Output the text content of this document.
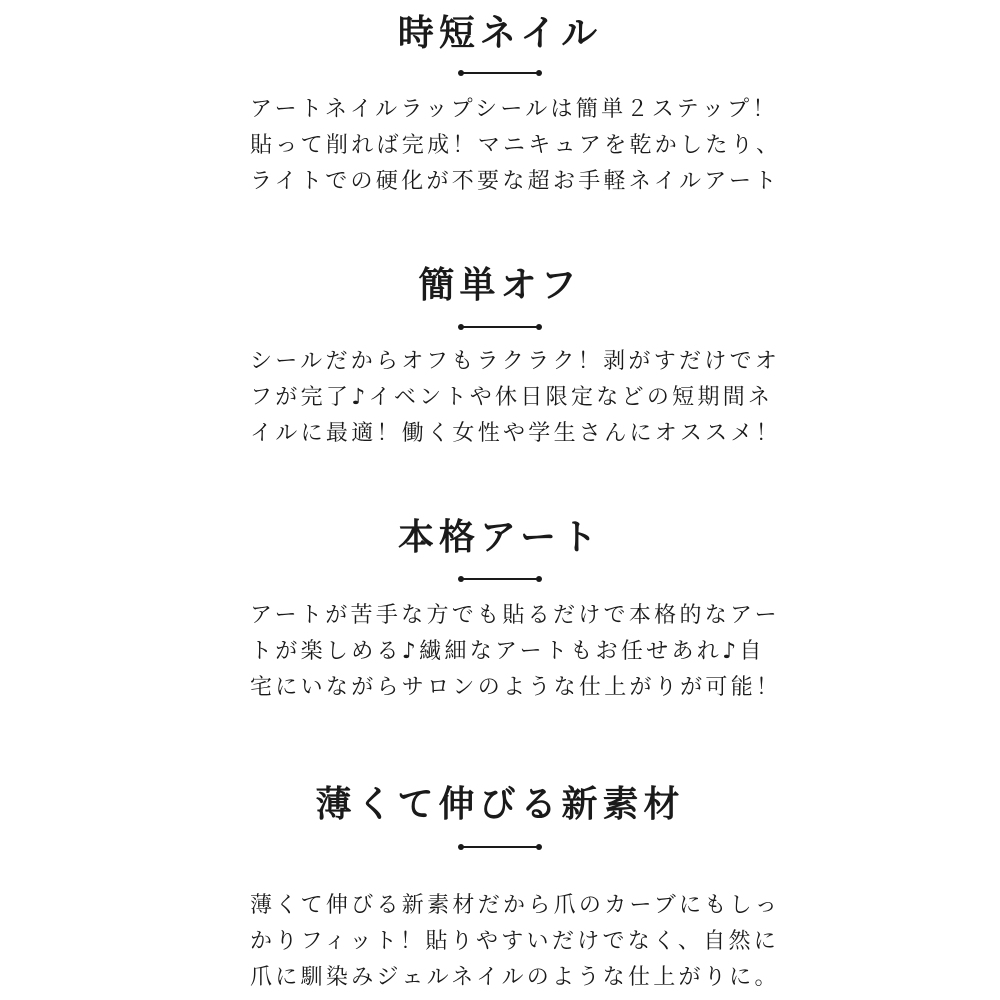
時短ネイル
アートネイルラップシールは簡単２ステップ！
貼って削れば完成！マニキュアを乾かしたり、
ライトでの硬化が不要な超お手軽ネイルアート
簡単オフ
シールだからオフもラクラク！剥がすだけでオ
フが完了♪イベントや休日限定などの短期間ネ
イルに最適！働く女性や学生さんにオススメ！
本格アート
アートが苦手な方でも貼るだけで本格的なアー
トが楽しめる♪繊細なアートもお任せあれ♪自
宅にいながらサロンのような仕上がりが可能！
薄くて伸びる新素材
薄くて伸びる新素材だから爪のカーブにもしっ
かりフィット！貼りやすいだけでなく、自然に
爪に馴染みジェルネイルのような仕上がりに。
